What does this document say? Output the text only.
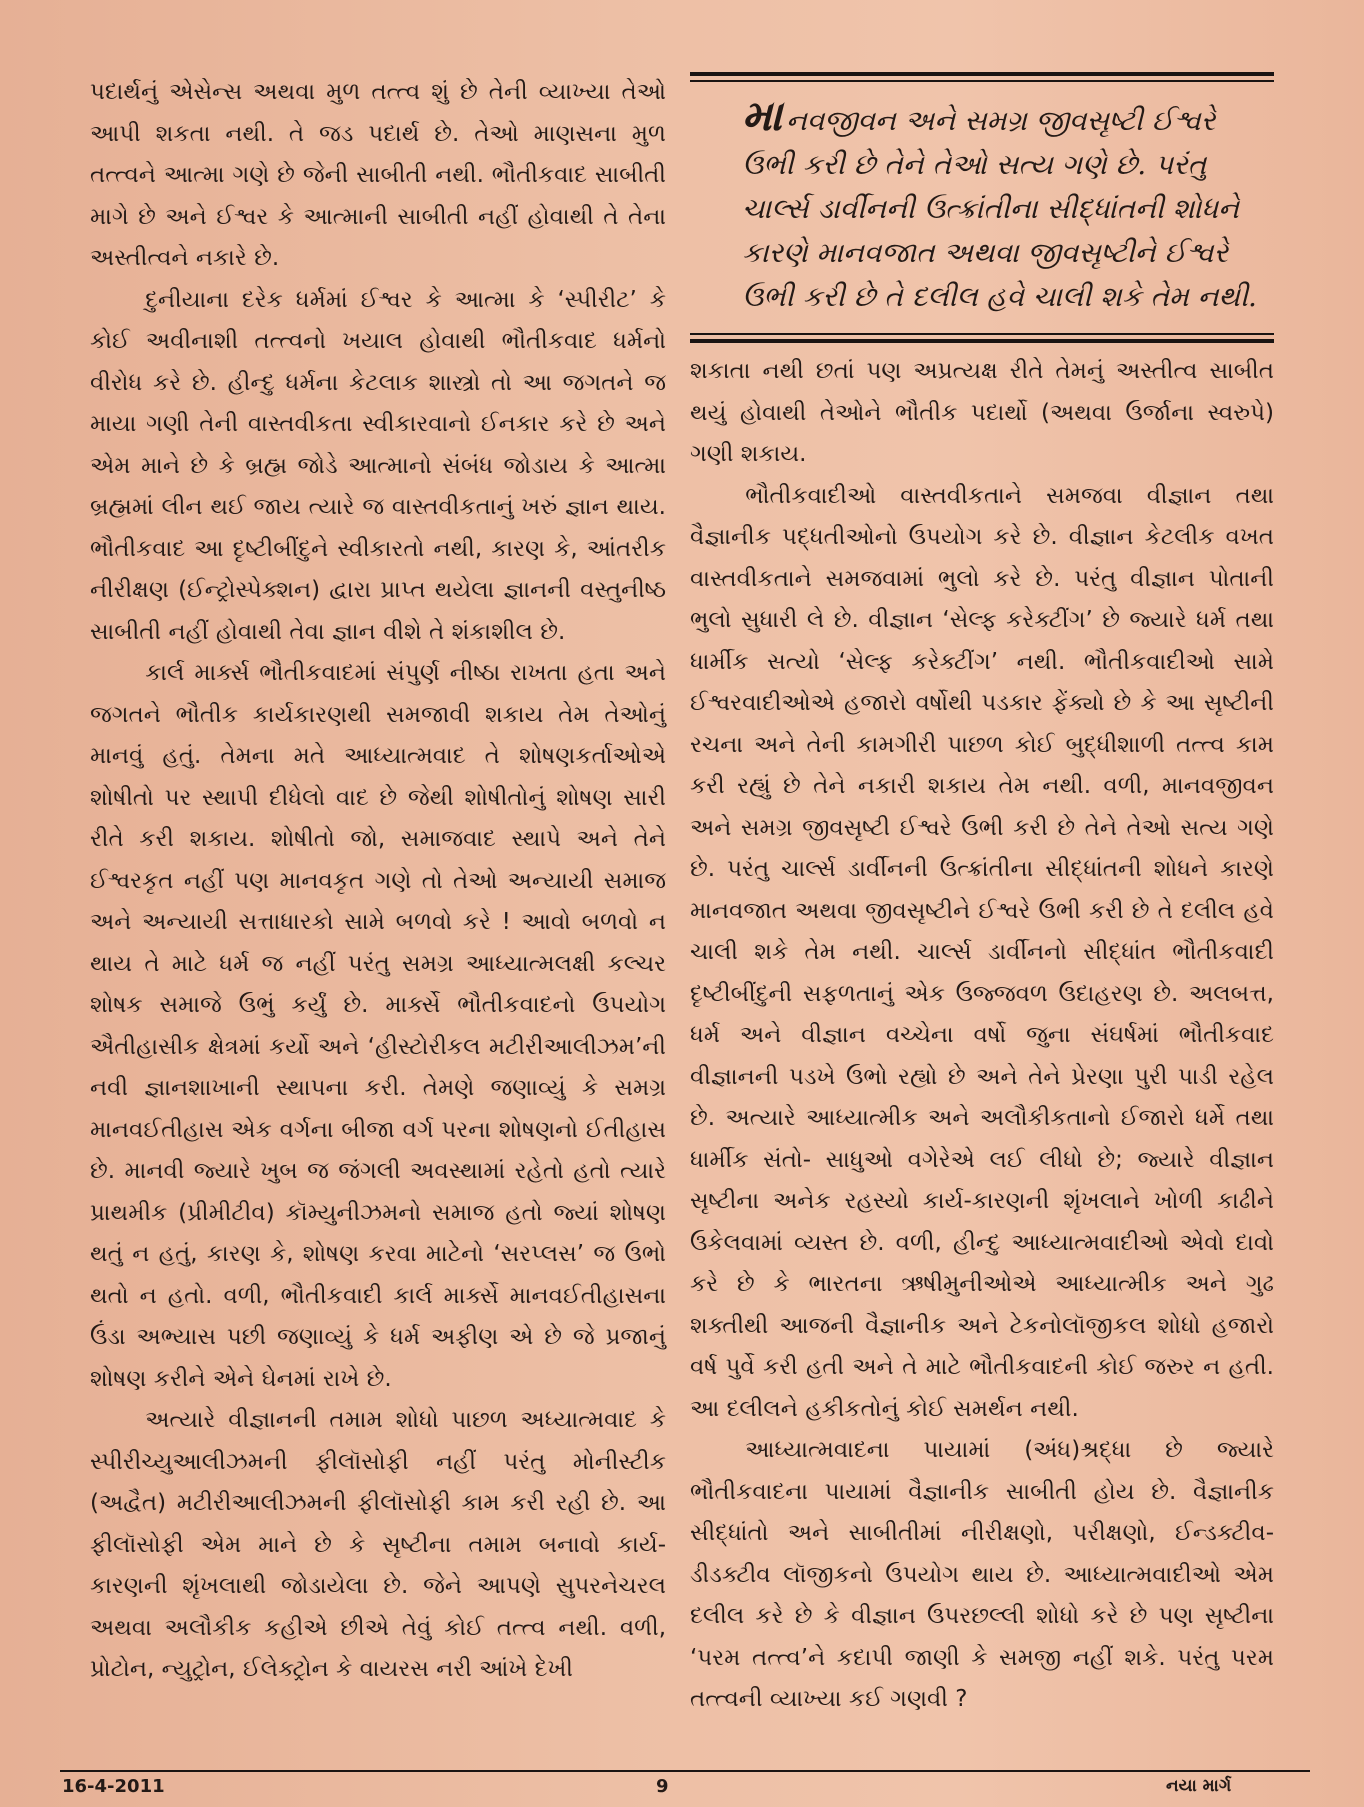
પદાર્થનું એસેન્સ અથવા મુળ તત્ત્વ શું છે તેની વ્યાખ્યા તેઓ આપી શકતા નથી. તે જડ પદાર્થ છે. તેઓ માણસના મુળ તત્ત્વને આત્મા ગણે છે જેની સાબીતી નથી. ભૌતીકવાદ સાબીતી માગે છે અને ઈશ્વર કે આત્માની સાબીતી નહીં હોવાથી તે તેના અસ્તીત્વને નકારે છે.

દુનીયાના દરેક ધર્મમાં ઈશ્વર કે આત્મા કે ‘સ્પીરીટ’ કે કોઈ અવીનાશી તત્ત્વનો ખયાલ હોવાથી ભૌતીકવાદ ધર્મનો વીરોધ કરે છે. હીન્દુ ધર્મના કેટલાક શાસ્ત્રો તો આ જગતને જ માયા ગણી તેની વાસ્તવીકતા સ્વીકારવાનો ઈનકાર કરે છે અને એમ માને છે કે બ્રહ્મ જોડે આત્માનો સંબંધ જોડાય કે આત્મા બ્રહ્મમાં લીન થઈ જાય ત્યારે જ વાસ્તવીકતાનું ખરું જ્ઞાન થાય. ભૌતીકવાદ આ દૃષ્ટીબીંદુને સ્વીકારતો નથી, કારણ કે, આંતરીક નીરીક્ષણ (ઈન્ટ્રોસ્પેક્શન) દ્વારા પ્રાપ્ત થયેલા જ્ઞાનની વસ્તુનીષ્ઠ સાબીતી નહીં હોવાથી તેવા જ્ઞાન વીશે તે શંકાશીલ છે.

કાર્લ માર્ક્સ ભૌતીકવાદમાં સંપુર્ણ નીષ્ઠા રાખતા હતા અને જગતને ભૌતીક કાર્યકારણથી સમજાવી શકાય તેમ તેઓનું માનવું હતું. તેમના મતે આધ્યાત્મવાદ તે શોષણકર્તાઓએ શોષીતો પર સ્થાપી દીધેલો વાદ છે જેથી શોષીતોનું શોષણ સારી રીતે કરી શકાય. શોષીતો જો, સમાજવાદ સ્થાપે અને તેને ઈશ્વરકૃત નહીં પણ માનવકૃત ગણે તો તેઓ અન્યાયી સમાજ અને અન્યાયી સત્તાધારકો સામે બળવો કરે ! આવો બળવો ન થાય તે માટે ધર્મ જ નહીં પરંતુ સમગ્ર આધ્યાત્મલક્ષી કલ્ચર શોષક સમાજે ઉભું કર્યું છે. માર્ક્સે ભૌતીકવાદનો ઉપયોગ ઐતીહાસીક ક્ષેત્રમાં કર્યો અને ‘હીસ્ટોરીકલ મટીરીઆલીઝમ’ની નવી જ્ઞાનશાખાની સ્થાપના કરી. તેમણે જણાવ્યું કે સમગ્ર માનવઈતીહાસ એક વર્ગના બીજા વર્ગ પરના શોષણનો ઈતીહાસ છે. માનવી જ્યારે ખુબ જ જંગલી અવસ્થામાં રહેતો હતો ત્યારે પ્રાથમીક (પ્રીમીટીવ) કૉમ્યુનીઝમનો સમાજ હતો જ્યાં શોષણ થતું ન હતું, કારણ કે, શોષણ કરવા માટેનો ‘સરપ્લસ’ જ ઉભો થતો ન હતો. વળી, ભૌતીકવાદી કાર્લ માર્ક્સે માનવઈતીહાસના ઉંડા અભ્યાસ પછી જણાવ્યું કે ધર્મ અફીણ એ છે જે પ્રજાનું શોષણ કરીને એને ઘેનમાં રાખે છે.

અત્યારે વીજ્ઞાનની તમામ શોધો પાછળ અધ્યાત્મવાદ કે સ્પીરીચ્યુઆલીઝમની ફીલૉસોફી નહીં પરંતુ મોનીસ્ટીક (અદ્વૈત) મટીરીઆલીઝમની ફીલૉસોફી કામ કરી રહી છે. આ ફીલૉસોફી એમ માને છે કે સૃષ્ટીના તમામ બનાવો કાર્ય-કારણની શૃંખલાથી જોડાયેલા છે. જેને આપણે સુપરનેચરલ અથવા અલૌકીક કહીએ છીએ તેવું કોઈ તત્ત્વ નથી. વળી, પ્રોટોન, ન્યુટ્રોન, ઈલેક્ટ્રોન કે વાયરસ નરી આંખે દેખી

માનવજીવન અને સમગ્ર જીવસૃષ્ટી ઈશ્વરે ઉભી કરી છે તેને તેઓ સત્ય ગણે છે. પરંતુ ચાર્લ્સ ડાર્વીનની ઉત્ક્રાંતીના સીદ્ધાંતની શોધને કારણે માનવજાત અથવા જીવસૃષ્ટીને ઈશ્વરે ઉભી કરી છે તે દલીલ હવે ચાલી શકે તેમ નથી.

શકાતા નથી છતાં પણ અપ્રત્યક્ષ રીતે તેમનું અસ્તીત્વ સાબીત થયું હોવાથી તેઓને ભૌતીક પદાર્થો (અથવા ઉર્જાના સ્વરુપે) ગણી શકાય.

ભૌતીકવાદીઓ વાસ્તવીકતાને સમજવા વીજ્ઞાન તથા વૈજ્ઞાનીક પદ્ધતીઓનો ઉપયોગ કરે છે. વીજ્ઞાન કેટલીક વખત વાસ્તવીકતાને સમજવામાં ભુલો કરે છે. પરંતુ વીજ્ઞાન પોતાની ભુલો સુધારી લે છે. વીજ્ઞાન ‘સેલ્ફ કરેક્ટીંગ’ છે જ્યારે ધર્મ તથા ધાર્મીક સત્યો ‘સેલ્ફ કરેક્ટીંગ’ નથી. ભૌતીકવાદીઓ સામે ઈશ્વરવાદીઓએ હજારો વર્ષોથી પડકાર ફેંક્યો છે કે આ સૃષ્ટીની રચના અને તેની કામગીરી પાછળ કોઈ બુદ્ધીશાળી તત્ત્વ કામ કરી રહ્યું છે તેને નકારી શકાય તેમ નથી. વળી, માનવજીવન અને સમગ્ર જીવસૃષ્ટી ઈશ્વરે ઉભી કરી છે તેને તેઓ સત્ય ગણે છે. પરંતુ ચાર્લ્સ ડાર્વીનની ઉત્ક્રાંતીના સીદ્ધાંતની શોધને કારણે માનવજાત અથવા જીવસૃષ્ટીને ઈશ્વરે ઉભી કરી છે તે દલીલ હવે ચાલી શકે તેમ નથી. ચાર્લ્સ ડાર્વીનનો સીદ્ધાંત ભૌતીકવાદી દૃષ્ટીબીંદુની સફળતાનું એક ઉજ્જવળ ઉદાહરણ છે. અલબત્ત, ધર્મ અને વીજ્ઞાન વચ્ચેના વર્ષો જુના સંઘર્ષમાં ભૌતીકવાદ વીજ્ઞાનની પડખે ઉભો રહ્યો છે અને તેને પ્રેરણા પુરી પાડી રહેલ છે. અત્યારે આધ્યાત્મીક અને અલૌકીકતાનો ઈજારો ધર્મે તથા ધાર્મીક સંતો- સાધુઓ વગેરેએ લઈ લીધો છે; જ્યારે વીજ્ઞાન સૃષ્ટીના અનેક રહસ્યો કાર્ય-કારણની શૃંખલાને ખોળી કાઢીને ઉકેલવામાં વ્યસ્ત છે. વળી, હીન્દુ આધ્યાત્મવાદીઓ એવો દાવો કરે છે કે ભારતના ઋષીમુનીઓએ આધ્યાત્મીક અને ગુઢ શક્તીથી આજની વૈજ્ઞાનીક અને ટેકનોલૉજીકલ શોધો હજારો વર્ષ પુર્વે કરી હતી અને તે માટે ભૌતીકવાદની કોઈ જરુર ન હતી. આ દલીલને હકીકતોનું કોઈ સમર્થન નથી.

આધ્યાત્મવાદના પાયામાં (અંધ)શ્રદ્ધા છે જ્યારે ભૌતીકવાદના પાયામાં વૈજ્ઞાનીક સાબીતી હોય છે. વૈજ્ઞાનીક સીદ્ધાંતો અને સાબીતીમાં નીરીક્ષણો, પરીક્ષણો, ઈન્ડક્ટીવ-ડીડક્ટીવ લૉજીકનો ઉપયોગ થાય છે. આધ્યાત્મવાદીઓ એમ દલીલ કરે છે કે વીજ્ઞાન ઉપરછલ્લી શોધો કરે છે પણ સૃષ્ટીના ‘પરમ તત્ત્વ’ને કદાપી જાણી કે સમજી નહીં શકે. પરંતુ પરમ તત્ત્વની વ્યાખ્યા કઈ ગણવી ?

16-4-2011	9	નયા માર્ગ
